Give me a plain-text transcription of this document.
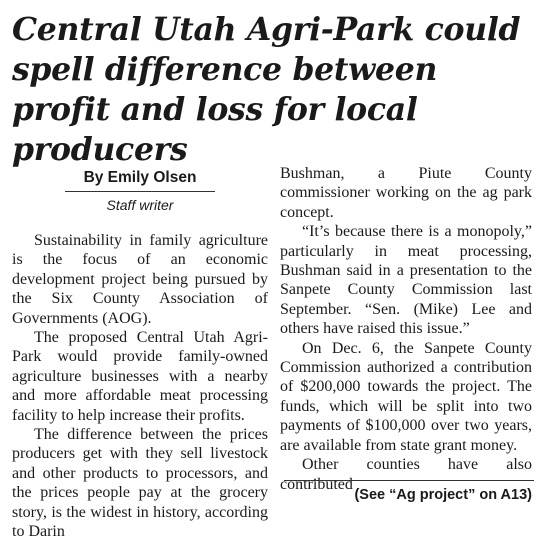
Central Utah Agri-Park could spell difference between profit and loss for local producers
By Emily Olsen
Staff writer

Sustainability in family agriculture is the focus of an economic development project being pursued by the Six County Association of Governments (AOG).

The proposed Central Utah Agri-Park would provide family-owned agriculture businesses with a nearby and more affordable meat processing facility to help increase their profits.

The difference between the prices producers get with they sell livestock and other products to processors, and the prices people pay at the grocery story, is the widest in history, according to Darin

Bushman, a Piute County commissioner working on the ag park concept.

“It’s because there is a monopoly,” particularly in meat processing, Bushman said in a presentation to the Sanpete County Commission last September. “Sen. (Mike) Lee and others have raised this issue.”

On Dec. 6, the Sanpete County Commission authorized a contribution of $200,000 towards the project. The funds, which will be split into two payments of $100,000 over two years, are available from state grant money.

Other counties have also contributed

(See “Ag project” on A13)
